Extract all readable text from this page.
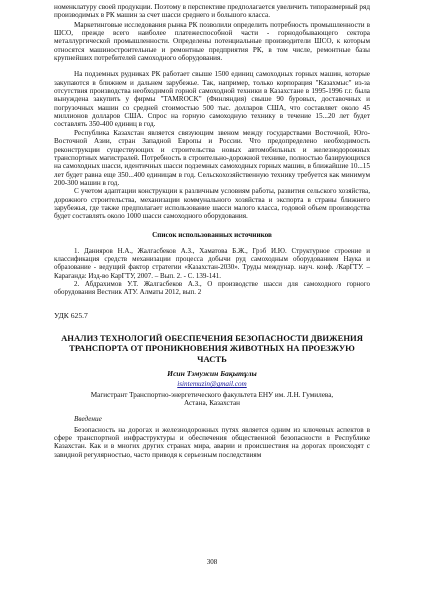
номенклатуру своей продукции. Поэтому в перспективе предполагается увеличить типоразмерный ряд производимых в РК машин за счет шасси среднего и большого класса.

Маркетинговые исследования рынка РК позволили определить потребность промышленности в ШСО, прежде всего наиболее платежеспособной части - горнодобывающего сектора металлургической промышленности. Определены потенциальные производители ШСО, к которым относятся машиностроительные и ремонтные предприятия РК, в том числе, ремонтные базы крупнейших потребителей самоходного оборудования.

На подземных рудниках РК работает свыше 1500 единиц самоходных горных машин, которые закупаются в ближнем и дальнем зарубежье. Так, например, только корпорация "Казахмыс" из-за отсутствия производства необходимой горной самоходной техники в Казахстане в 1995-1996 г.г. была вынуждена закупить у фирмы "TAMROCK" (Финляндия) свыше 90 буровых, доставочных и погрузочных машин со средней стоимостью 500 тыс. долларов США, что составляет около 45 миллионов долларов США. Спрос на горную самоходную технику в течение 15...20 лет будет составлять 350-400 единиц в год.

Республика Казахстан является связующим звеном между государствами Восточной, Юго-Восточной Азии, стран Западной Европы и России. Что предопределено необходимость реконструкции существующих и строительства новых автомобильных и железнодорожных транспортных магистралей. Потребность в строительно-дорожной технике, полностью базирующихся на самоходных шасси, идентичных шасси подземных самоходных горных машин, в ближайшие 10...15 лет будет равна еще 350...400 единицам в год. Сельскохозяйственную технику требуется как минимум 200-300 машин в год.

С учетом адаптации конструкции к различным условиям работы, развития сельского хозяйства, дорожного строительства, механизации коммунального хозяйства и экспорта в страны ближнего зарубежья, где также предполагает использование шасси малого класса, годовой объем производства будет составлять около 1000 шасси самоходного оборудования.

Список использованных источников

1. Данияров Н.А., Жалгасбеков А.З., Хаматова Б.Ж., Грэб И.Ю. Структурное строение и классификация средств механизации процесса добычи руд самоходным оборудованием Наука и образование - ведущий фактор стратегии «Казахстан-2030». Труды междунар. науч. конф. /КарГТУ. – Караганда: Изд-во КарГТУ, 2007. – Вып. 2. - С. 139-141.

2. Абдрахимов У.Т. Жалгасбеков А.З., О производстве шасси для самоходного горного оборудования Вестник АТУ. Алматы 2012, вып. 2

УДК 625.7

АНАЛИЗ ТЕХНОЛОГИЙ ОБЕСПЕЧЕНИЯ БЕЗОПАСНОСТИ ДВИЖЕНИЯ ТРАНСПОРТА ОТ ПРОНИКНОВЕНИЯ ЖИВОТНЫХ НА ПРОЕЗЖУЮ ЧАСТЬ

Исин Тэмужин Бақытұлы

isintemuzin@gmail.com

Магистрант Транспортно-энергетического факультета ЕНУ им. Л.Н. Гумилева,

Астана, Казахстан

Введение

Безопасность на дорогах и железнодорожных путях является одним из ключевых аспектов в сфере транспортной инфраструктуры и обеспечения общественной безопасности в Республике Казахстан. Как и в многих других странах мира, аварии и происшествия на дорогах происходят с завидной регулярностью, часто приводя к серьезным последствиям

308
